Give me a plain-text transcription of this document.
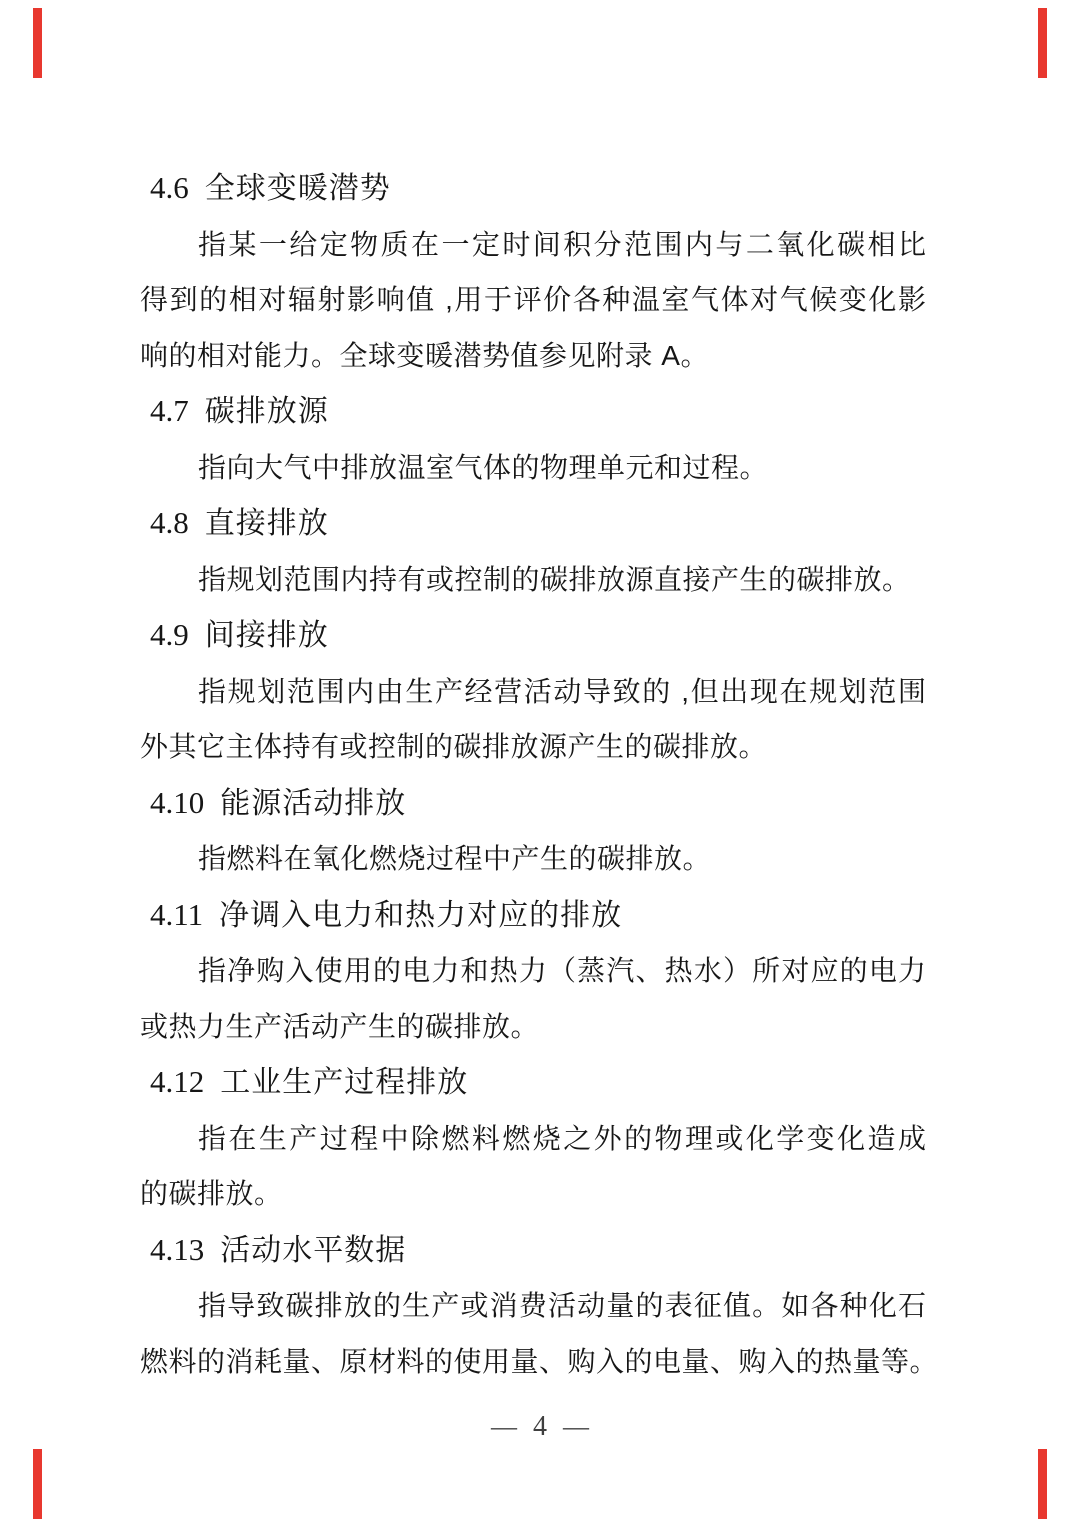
4.6 全球变暖潜势
指某一给定物质在一定时间积分范围内与二氧化碳相比
得到的相对辐射影响值 ,用于评价各种温室气体对气候变化影
响的相对能力。全球变暖潜势值参见附录 A。
4.7 碳排放源
指向大气中排放温室气体的物理单元和过程。
4.8 直接排放
指规划范围内持有或控制的碳排放源直接产生的碳排放。
4.9 间接排放
指规划范围内由生产经营活动导致的 ,但出现在规划范围
外其它主体持有或控制的碳排放源产生的碳排放。
4.10 能源活动排放
指燃料在氧化燃烧过程中产生的碳排放。
4.11 净调入电力和热力对应的排放
指净购入使用的电力和热力（蒸汽、热水）所对应的电力
或热力生产活动产生的碳排放。
4.12 工业生产过程排放
指在生产过程中除燃料燃烧之外的物理或化学变化造成
的碳排放。
4.13 活动水平数据
指导致碳排放的生产或消费活动量的表征值。如各种化石
燃料的消耗量、原材料的使用量、购入的电量、购入的热量等。
— 4 —
